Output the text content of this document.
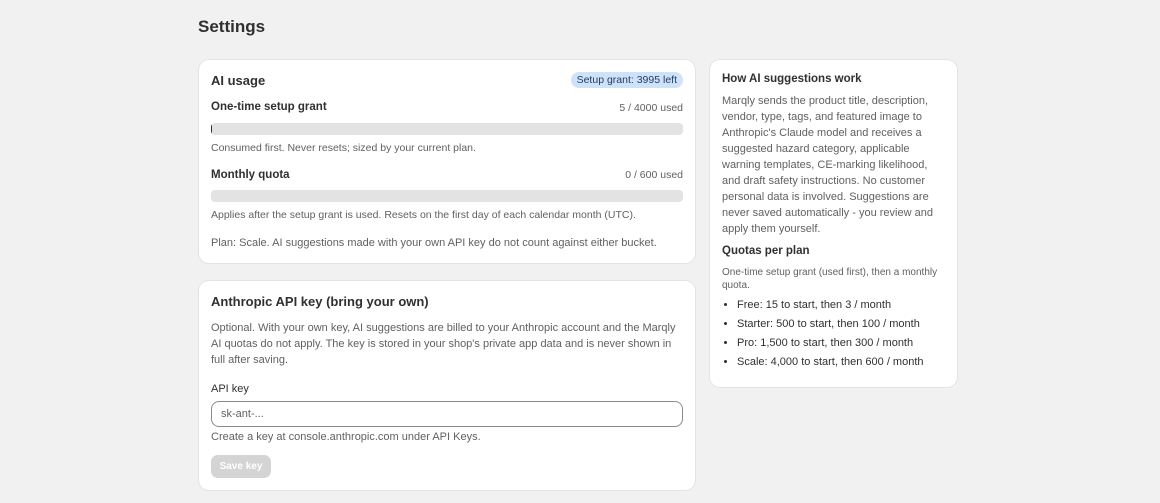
Settings
AI usage	Setup grant: 3995 left
One-time setup grant	5 / 4000 used
Consumed first. Never resets; sized by your current plan.
Monthly quota	0 / 600 used
Applies after the setup grant is used. Resets on the first day of each calendar month (UTC).
Plan: Scale. AI suggestions made with your own API key do not count against either bucket.
Anthropic API key (bring your own)
Optional. With your own key, AI suggestions are billed to your Anthropic account and the Marqly AI quotas do not apply. The key is stored in your shop's private app data and is never shown in full after saving.
API key
sk-ant-...
Create a key at console.anthropic.com under API Keys.
Save key
How AI suggestions work
Marqly sends the product title, description, vendor, type, tags, and featured image to Anthropic's Claude model and receives a suggested hazard category, applicable warning templates, CE-marking likelihood, and draft safety instructions. No customer personal data is involved. Suggestions are never saved automatically - you review and apply them yourself.
Quotas per plan
One-time setup grant (used first), then a monthly quota.
• Free: 15 to start, then 3 / month
• Starter: 500 to start, then 100 / month
• Pro: 1,500 to start, then 300 / month
• Scale: 4,000 to start, then 600 / month
